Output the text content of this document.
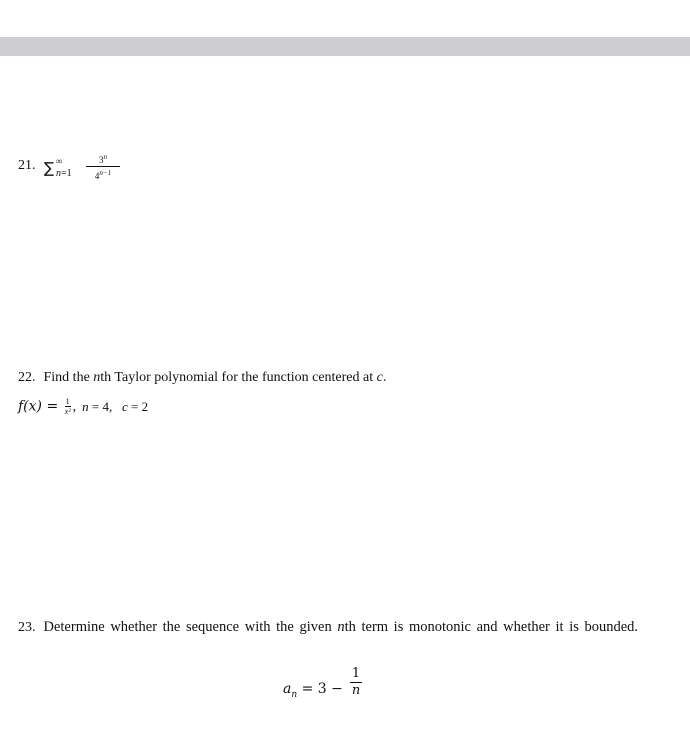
21. ∑ ∞
$n=1 \frac{3^n}{4^{n-1}}$
22. Find the nth Taylor polynomial for the function centered at c.
$f(x) = \frac{1}{\text{x²}}$ , n = 4, c = 2
23. Determine whether the sequence with the given nth term is monotonic and whether it is bounded.
$a_n = 3 - \frac{1}{n}$
